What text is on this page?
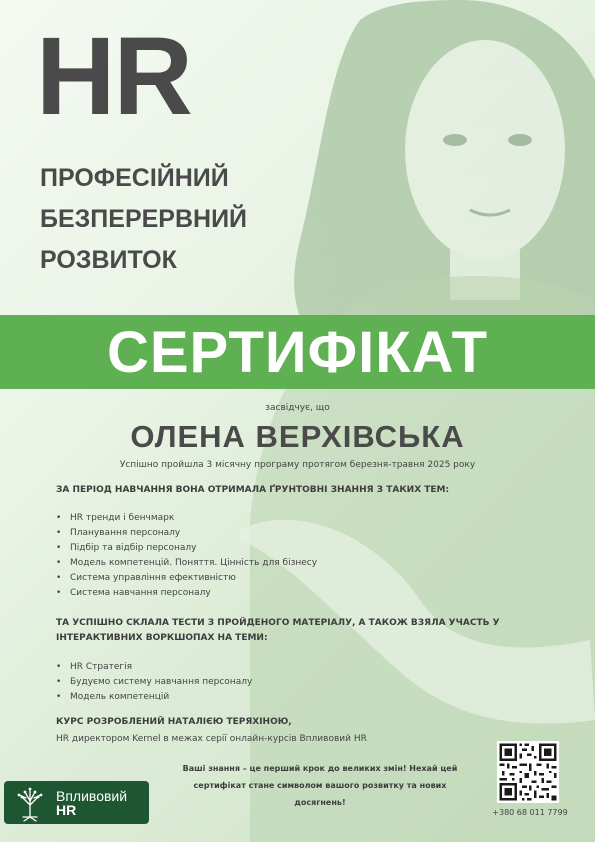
HR
ПРОФЕСІЙНИЙ
БЕЗПЕРЕРВНИЙ
РОЗВИТОК
СЕРТИФІКАТ
засвідчує, що
ОЛЕНА ВЕРХІВСЬКА
Успішно пройшла 3 місячну програму протягом березня-травня 2025 року
ЗА ПЕРІОД НАВЧАННЯ ВОНА ОТРИМАЛА ҐРУНТОВНІ ЗНАННЯ З ТАКИХ ТЕМ:
• HR тренди і бенчмарк
• Планування персоналу
• Підбір та відбір персоналу
• Модель компетенцій. Поняття. Цінність для бізнесу
• Система управління ефективністю
• Система навчання персоналу
ТА УСПІШНО СКЛАЛА ТЕСТИ З ПРОЙДЕНОГО МАТЕРІАЛУ, А ТАКОЖ ВЗЯЛА УЧАСТЬ У
ІНТЕРАКТИВНИХ ВОРКШОПАХ НА ТЕМИ:
• HR Стратегія
• Будуємо систему навчання персоналу
• Модель компетенцій
КУРС РОЗРОБЛЕНИЙ НАТАЛІЄЮ ТЕРЯХІНОЮ,
HR директором Kernel в межах серії онлайн-курсів Впливовий HR
Ваші знання – це перший крок до великих змін! Нехай цей
сертифікат стане символом вашого розвитку та нових
досягнень!
Впливовий
HR	+380 68 011 7799
